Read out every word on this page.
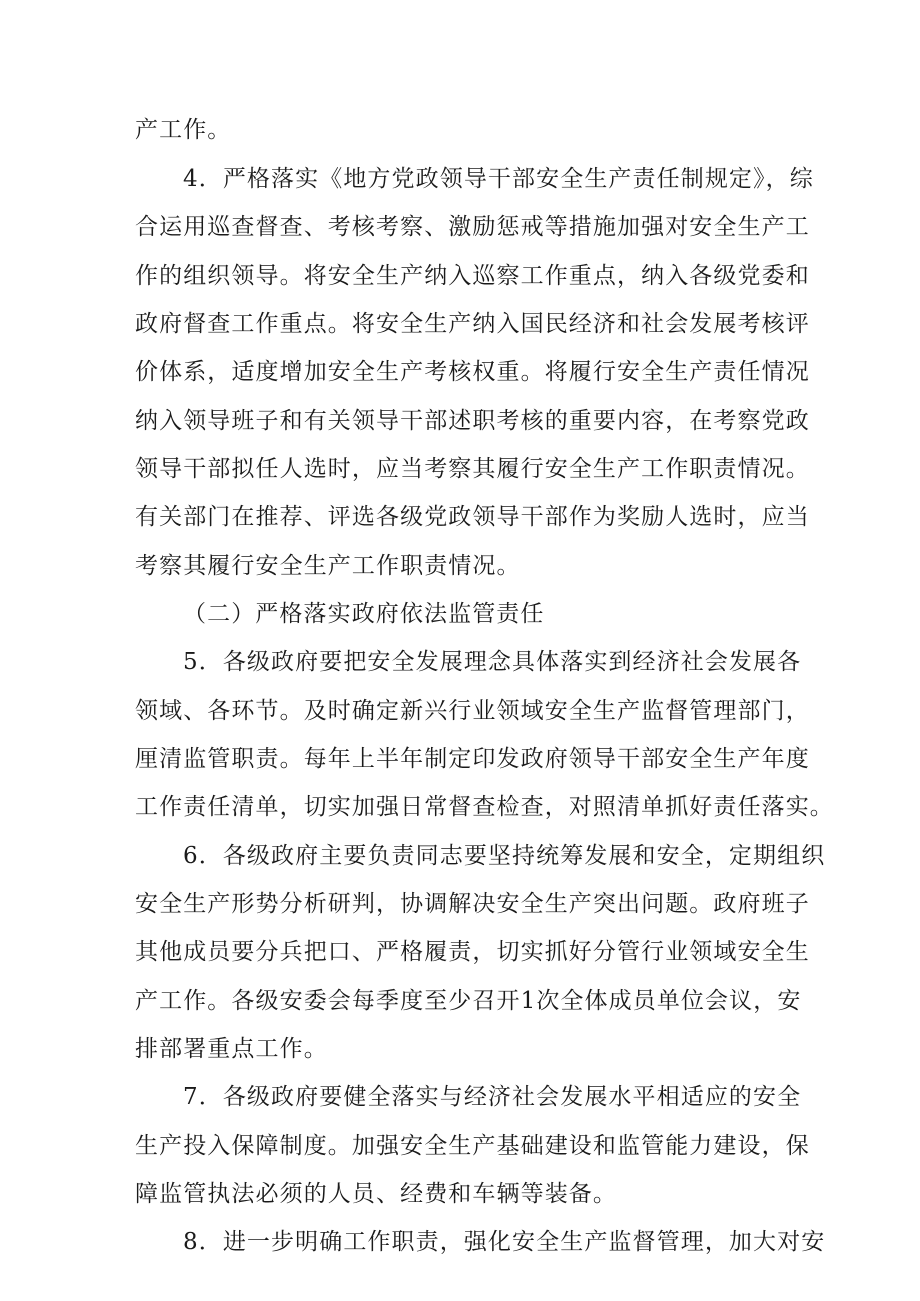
产工作。
4．严格落实《地方党政领导干部安全生产责任制规定》，综
合运用巡查督查、考核考察、激励惩戒等措施加强对安全生产工
作的组织领导。将安全生产纳入巡察工作重点，纳入各级党委和
政府督查工作重点。将安全生产纳入国民经济和社会发展考核评
价体系，适度增加安全生产考核权重。将履行安全生产责任情况
纳入领导班子和有关领导干部述职考核的重要内容，在考察党政
领导干部拟任人选时，应当考察其履行安全生产工作职责情况。
有关部门在推荐、评选各级党政领导干部作为奖励人选时，应当
考察其履行安全生产工作职责情况。
（二）严格落实政府依法监管责任
5．各级政府要把安全发展理念具体落实到经济社会发展各
领域、各环节。及时确定新兴行业领域安全生产监督管理部门，
厘清监管职责。每年上半年制定印发政府领导干部安全生产年度
工作责任清单，切实加强日常督查检查，对照清单抓好责任落实。
6．各级政府主要负责同志要坚持统筹发展和安全，定期组织
安全生产形势分析研判，协调解决安全生产突出问题。政府班子
其他成员要分兵把口、严格履责，切实抓好分管行业领域安全生
产工作。各级安委会每季度至少召开1次全体成员单位会议，安
排部署重点工作。
7．各级政府要健全落实与经济社会发展水平相适应的安全
生产投入保障制度。加强安全生产基础建设和监管能力建设，保
障监管执法必须的人员、经费和车辆等装备。
8．进一步明确工作职责，强化安全生产监督管理，加大对安
